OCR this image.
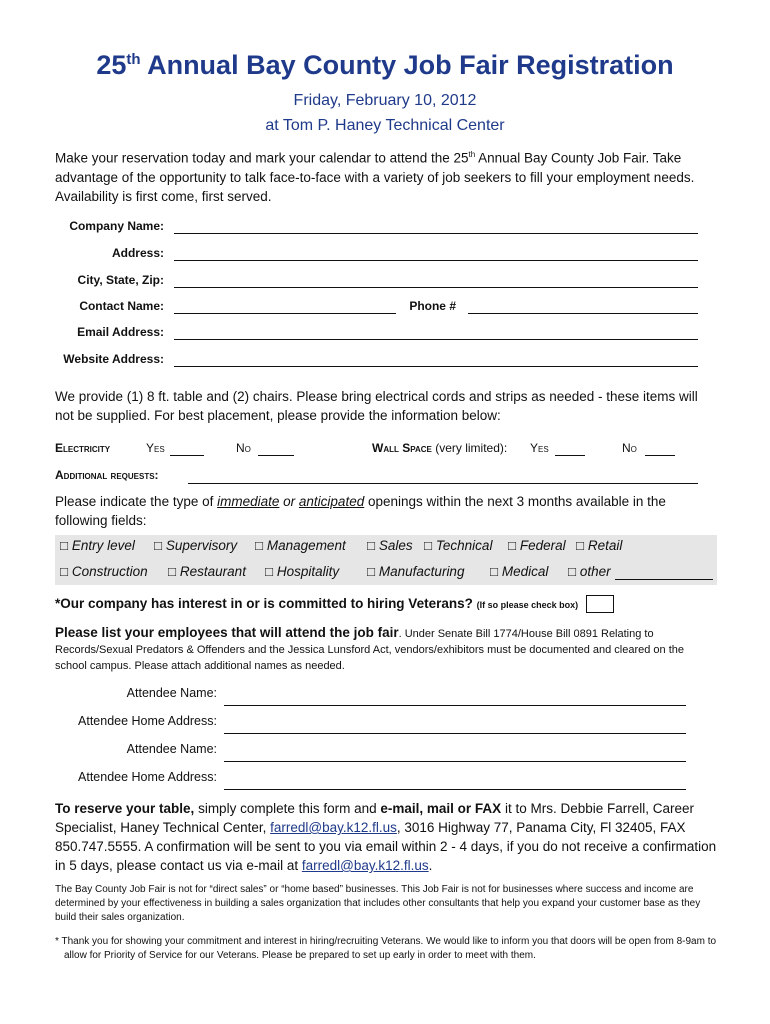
25th Annual Bay County Job Fair Registration
Friday, February 10, 2012
at Tom P. Haney Technical Center
Make your reservation today and mark your calendar to attend the 25th Annual Bay County Job Fair. Take advantage of the opportunity to talk face-to-face with a variety of job seekers to fill your employment needs. Availability is first come, first served.
Company Name:
Address:
City, State, Zip:
Contact Name:	Phone #
Email Address:
Website Address:
We provide (1) 8 ft. table and (2) chairs. Please bring electrical cords and strips as needed - these items will not be supplied. For best placement, please provide the information below:
Electricity	Yes	No	Wall Space (very limited): Yes	No
Additional requests:
Please indicate the type of immediate or anticipated openings within the next 3 months available in the following fields:
□ Entry level □ Supervisory □ Management □ Sales □ Technical □ Federal □ Retail
□ Construction □ Restaurant □ Hospitality □ Manufacturing □ Medical □ other
*Our company has interest in or is committed to hiring Veterans? (If so please check box)
Please list your employees that will attend the job fair. Under Senate Bill 1774/House Bill 0891 Relating to Records/Sexual Predators & Offenders and the Jessica Lunsford Act, vendors/exhibitors must be documented and cleared on the school campus. Please attach additional names as needed.
Attendee Name:
Attendee Home Address:
Attendee Name:
Attendee Home Address:
To reserve your table, simply complete this form and e-mail, mail or FAX it to Mrs. Debbie Farrell, Career Specialist, Haney Technical Center, farredl@bay.k12.fl.us, 3016 Highway 77, Panama City, Fl 32405, FAX 850.747.5555. A confirmation will be sent to you via email within 2 - 4 days, if you do not receive a confirmation in 5 days, please contact us via e-mail at farredl@bay.k12.fl.us.
The Bay County Job Fair is not for “direct sales” or “home based” businesses. This Job Fair is not for businesses where success and income are determined by your effectiveness in building a sales organization that includes other consultants that help you expand your customer base as they build their sales organization.
* Thank you for showing your commitment and interest in hiring/recruiting Veterans. We would like to inform you that doors will be open from 8-9am to allow for Priority of Service for our Veterans. Please be prepared to set up early in order to meet with them.
